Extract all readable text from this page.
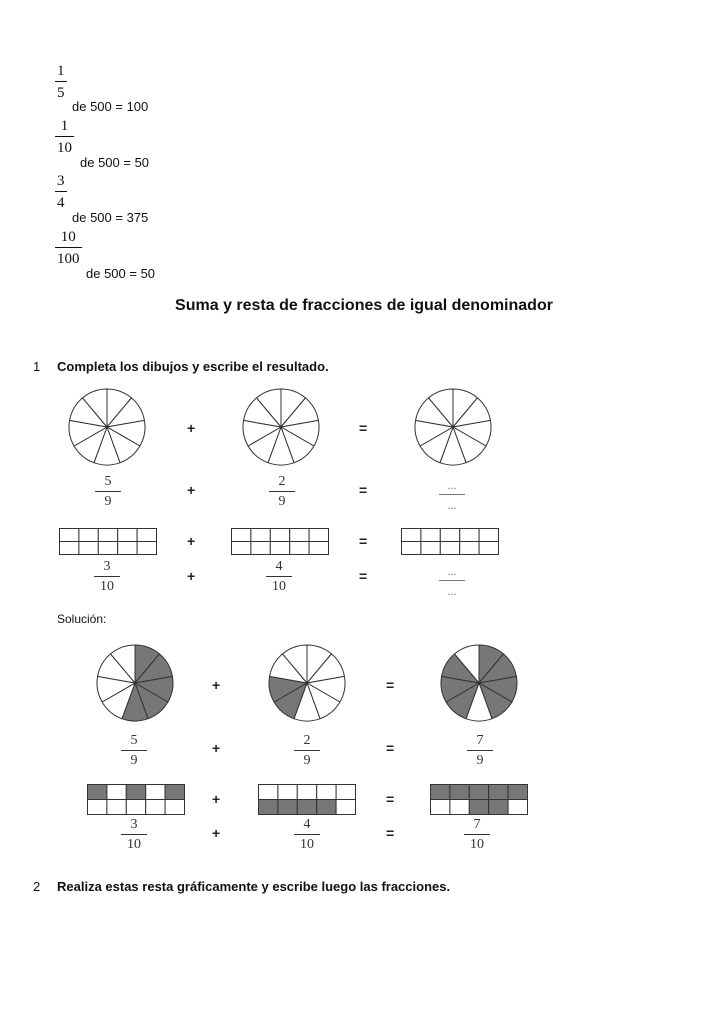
1
5
de 500 = 100
1
10
de 500 = 50
3
4
de 500 = 375
10
100
de 500 = 50
Suma y resta de fracciones de igual denominador
1 Completa los dibujos y escribe el resultado.
+	=
5
9
+
2
9
=	...
...
+	=
3
10
+
4
10
=	...
...
Solución:
+	=
5
9
+	2
9
=	7
9
+	=
3
10
+
4
10
=
7
10
2 Realiza estas resta gráficamente y escribe luego las fracciones.
